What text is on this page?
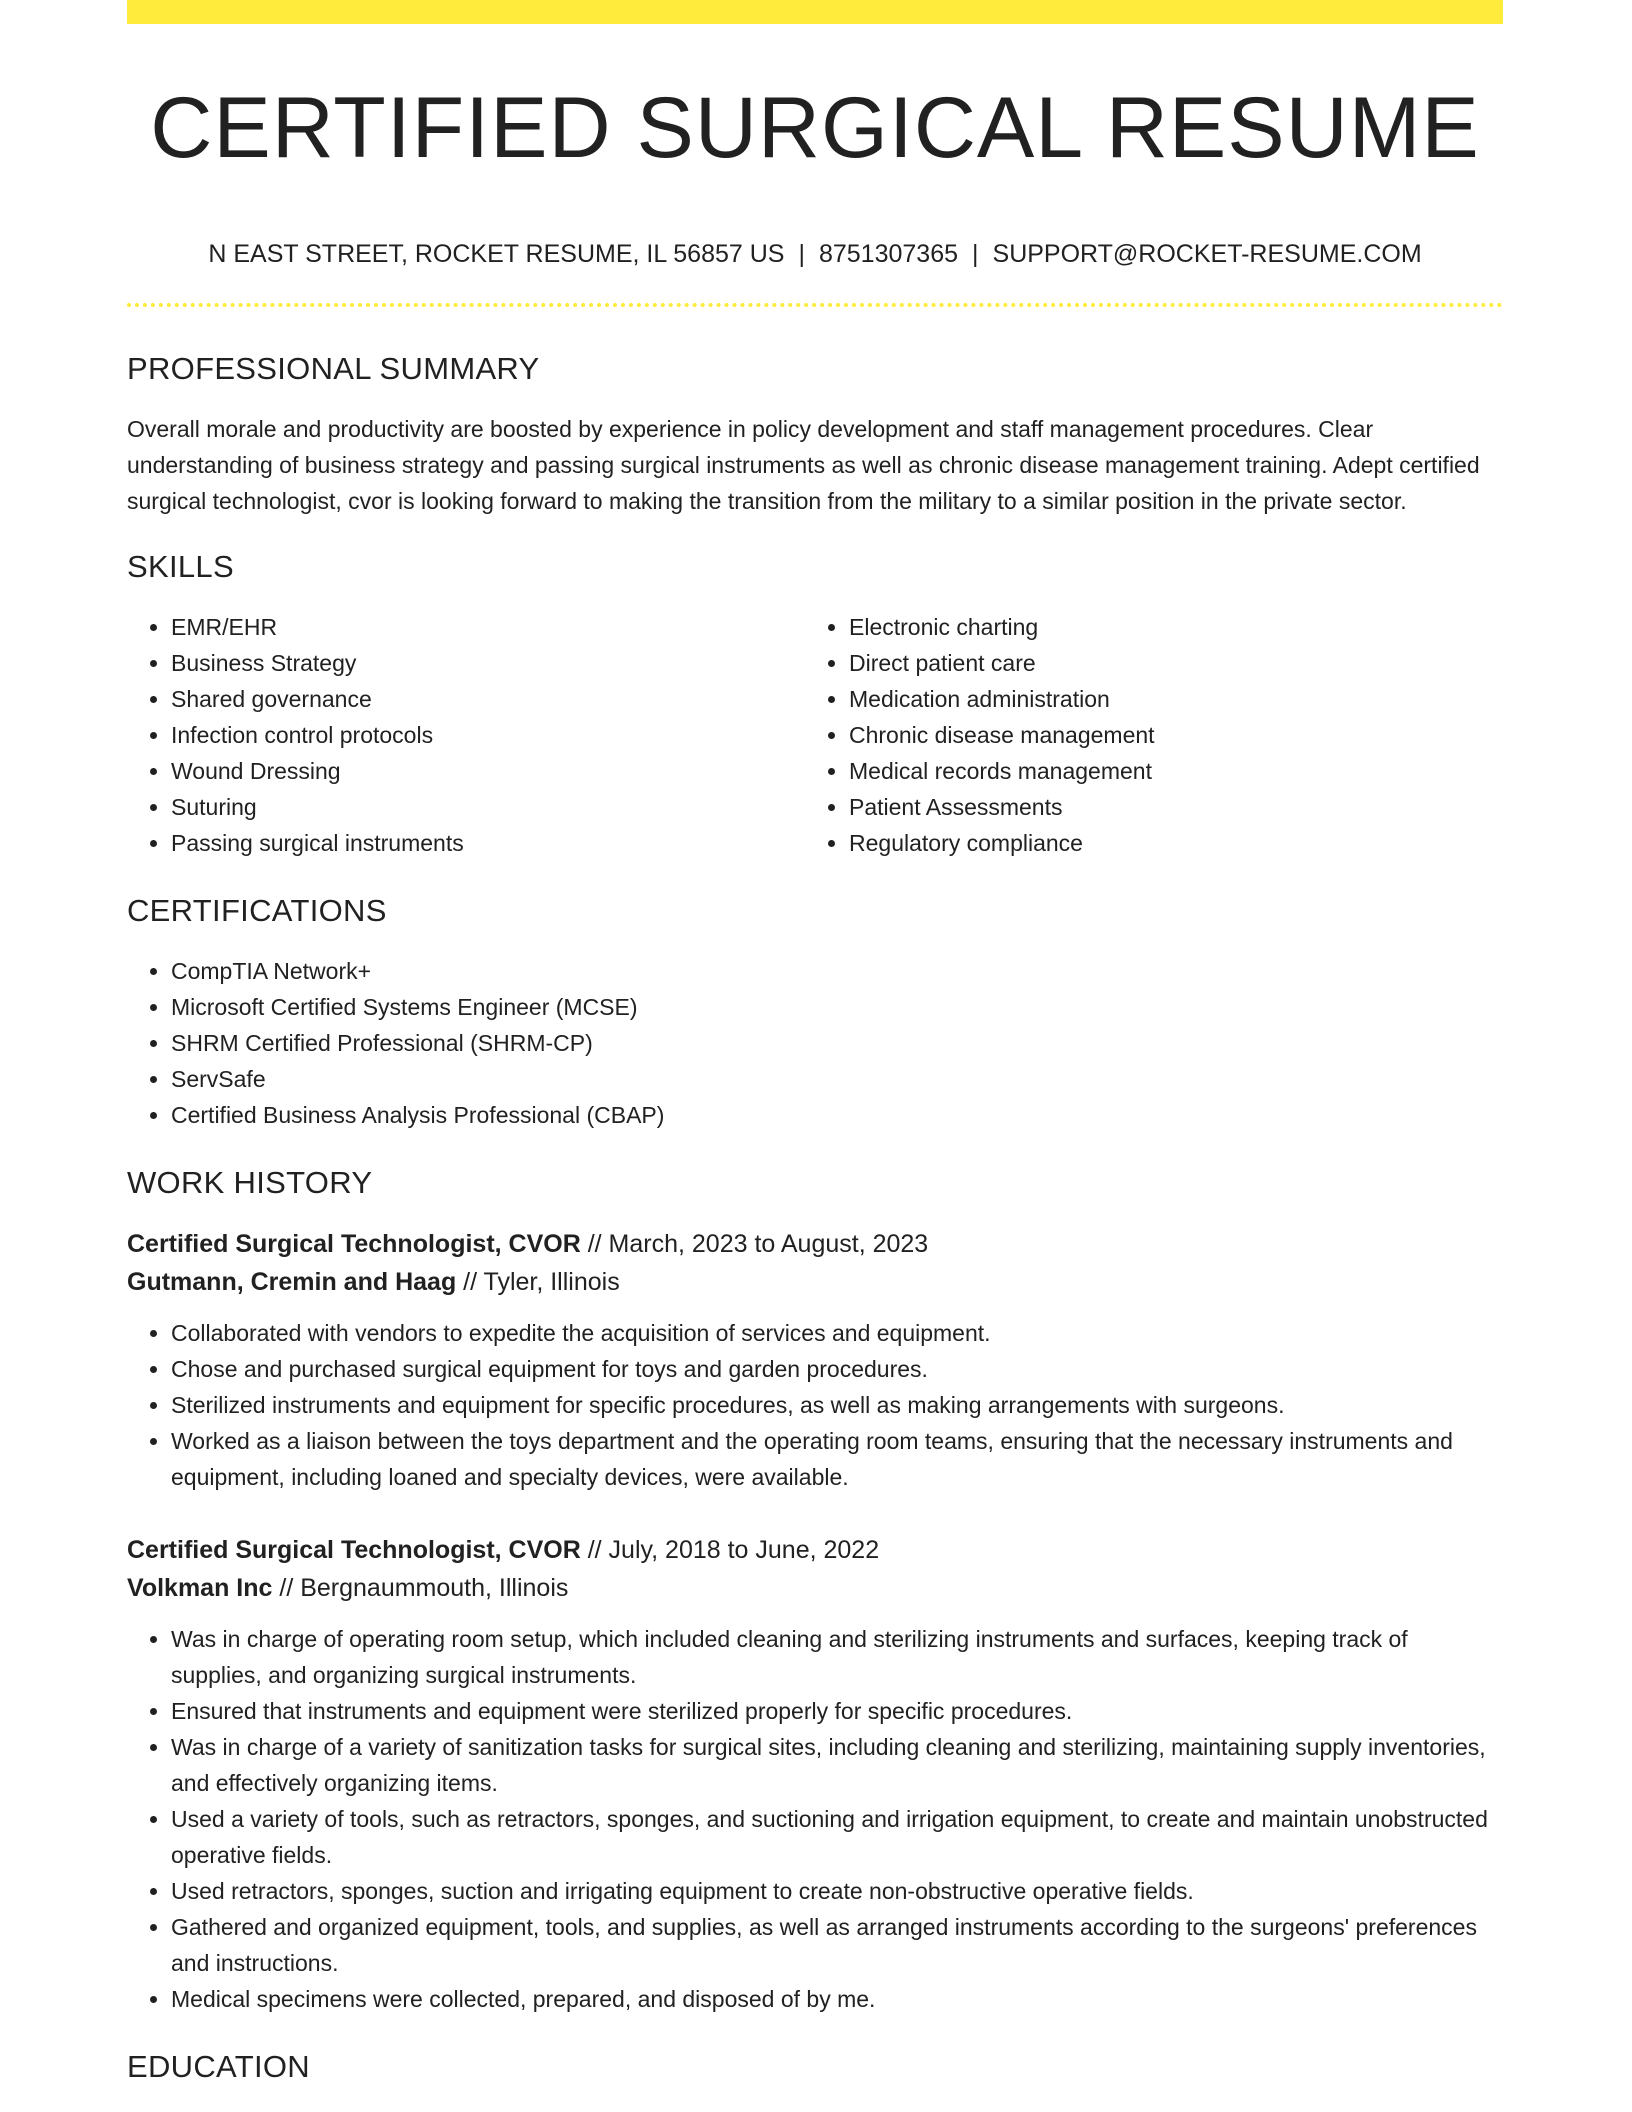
CERTIFIED SURGICAL RESUME
N EAST STREET, ROCKET RESUME, IL 56857 US | 8751307365 | SUPPORT@ROCKET-RESUME.COM
PROFESSIONAL SUMMARY

Overall morale and productivity are boosted by experience in policy development and staff management procedures. Clear understanding of business strategy and passing surgical instruments as well as chronic disease management training. Adept certified surgical technologist, cvor is looking forward to making the transition from the military to a similar position in the private sector.

SKILLS
• EMR/EHR
• Business Strategy
• Shared governance
• Infection control protocols
• Wound Dressing
• Suturing
• Passing surgical instruments
• Electronic charting
• Direct patient care
• Medication administration
• Chronic disease management
• Medical records management
• Patient Assessments
• Regulatory compliance
CERTIFICATIONS
• CompTIA Network+
• Microsoft Certified Systems Engineer (MCSE)
• SHRM Certified Professional (SHRM-CP)
• ServSafe
• Certified Business Analysis Professional (CBAP)
WORK HISTORY
Certified Surgical Technologist, CVOR // March, 2023 to August, 2023
Gutmann, Cremin and Haag // Tyler, Illinois
• Collaborated with vendors to expedite the acquisition of services and equipment.
• Chose and purchased surgical equipment for toys and garden procedures.
• Sterilized instruments and equipment for specific procedures, as well as making arrangements with surgeons.
• Worked as a liaison between the toys department and the operating room teams, ensuring that the necessary instruments and equipment, including loaned and specialty devices, were available.
Certified Surgical Technologist, CVOR // July, 2018 to June, 2022
Volkman Inc // Bergnaummouth, Illinois
• Was in charge of operating room setup, which included cleaning and sterilizing instruments and surfaces, keeping track of supplies, and organizing surgical instruments.
• Ensured that instruments and equipment were sterilized properly for specific procedures.
• Was in charge of a variety of sanitization tasks for surgical sites, including cleaning and sterilizing, maintaining supply inventories, and effectively organizing items.
• Used a variety of tools, such as retractors, sponges, and suctioning and irrigation equipment, to create and maintain unobstructed operative fields.
• Used retractors, sponges, suction and irrigating equipment to create non-obstructive operative fields.
• Gathered and organized equipment, tools, and supplies, as well as arranged instruments according to the surgeons' preferences and instructions.
• Medical specimens were collected, prepared, and disposed of by me.
EDUCATION
